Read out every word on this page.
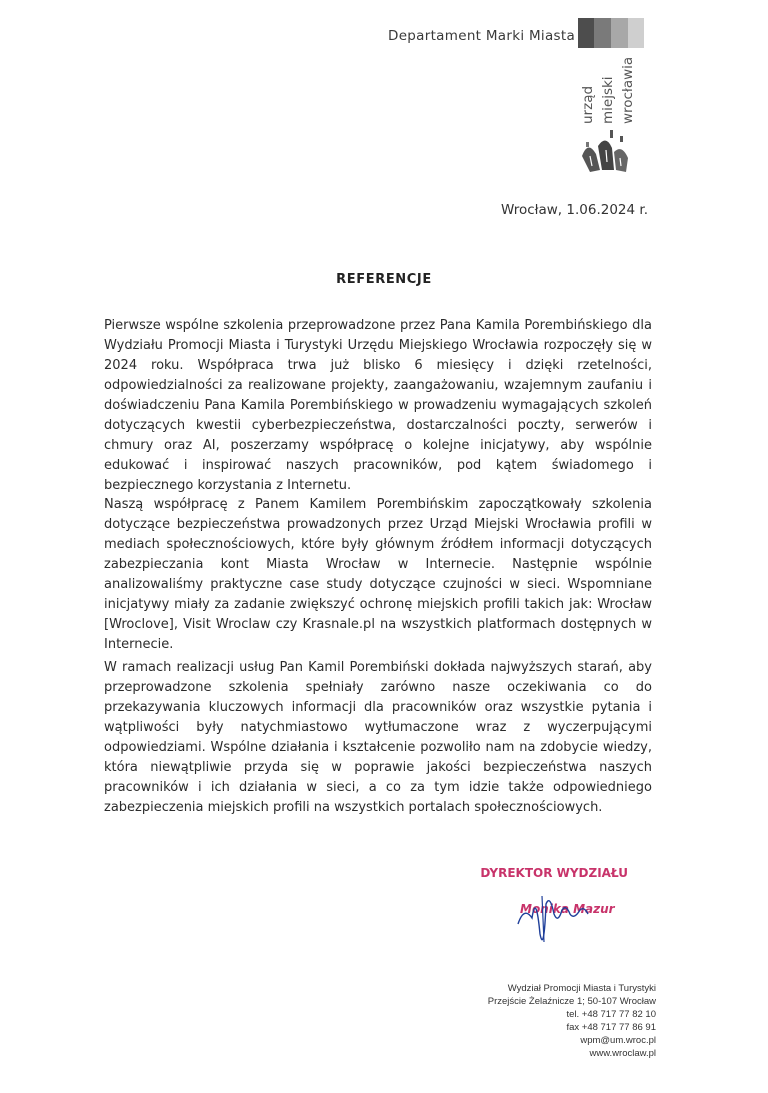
Departament Marki Miasta
urząd miejski wrocławia
Wrocław, 1.06.2024 r.
REFERENCJE

Pierwsze wspólne szkolenia przeprowadzone przez Pana Kamila Porembińskiego dla Wydziału Promocji Miasta i Turystyki Urzędu Miejskiego Wrocławia rozpoczęły się w 2024 roku. Współpraca trwa już blisko 6 miesięcy i dzięki rzetelności, odpowiedzialności za realizowane projekty, zaangażowaniu, wzajemnym zaufaniu i doświadczeniu Pana Kamila Porembińskiego w prowadzeniu wymagających szkoleń dotyczących kwestii cyberbezpieczeństwa, dostarczalności poczty, serwerów i chmury oraz AI, poszerzamy współpracę o kolejne inicjatywy, aby wspólnie edukować i inspirować naszych pracowników, pod kątem świadomego i bezpiecznego korzystania z Internetu.

Naszą współpracę z Panem Kamilem Porembińskim zapoczątkowały szkolenia dotyczące bezpieczeństwa prowadzonych przez Urząd Miejski Wrocławia profili w mediach społecznościowych, które były głównym źródłem informacji dotyczących zabezpieczania kont Miasta Wrocław w Internecie. Następnie wspólnie analizowaliśmy praktyczne case study dotyczące czujności w sieci. Wspomniane inicjatywy miały za zadanie zwiększyć ochronę miejskich profili takich jak: Wrocław [Wroclove], Visit Wroclaw czy Krasnale.pl na wszystkich platformach dostępnych w Internecie.

W ramach realizacji usług Pan Kamil Porembiński dokłada najwyższych starań, aby przeprowadzone szkolenia spełniały zarówno nasze oczekiwania co do przekazywania kluczowych informacji dla pracowników oraz wszystkie pytania i wątpliwości były natychmiastowo wytłumaczone wraz z wyczerpującymi odpowiedziami. Wspólne działania i kształcenie pozwoliło nam na zdobycie wiedzy, która niewątpliwie przyda się w poprawie jakości bezpieczeństwa naszych pracowników i ich działania w sieci, a co za tym idzie także odpowiedniego zabezpieczenia miejskich profili na wszystkich portalach społecznościowych.

DYREKTOR WYDZIAŁU
Monika Mazur
Wydział Promocji Miasta i Turystyki
Przejście Żelaźnicze 1; 50-107 Wrocław
tel. +48 717 77 82 10
fax +48 717 77 86 91
wpm@um.wroc.pl
www.wroclaw.pl
